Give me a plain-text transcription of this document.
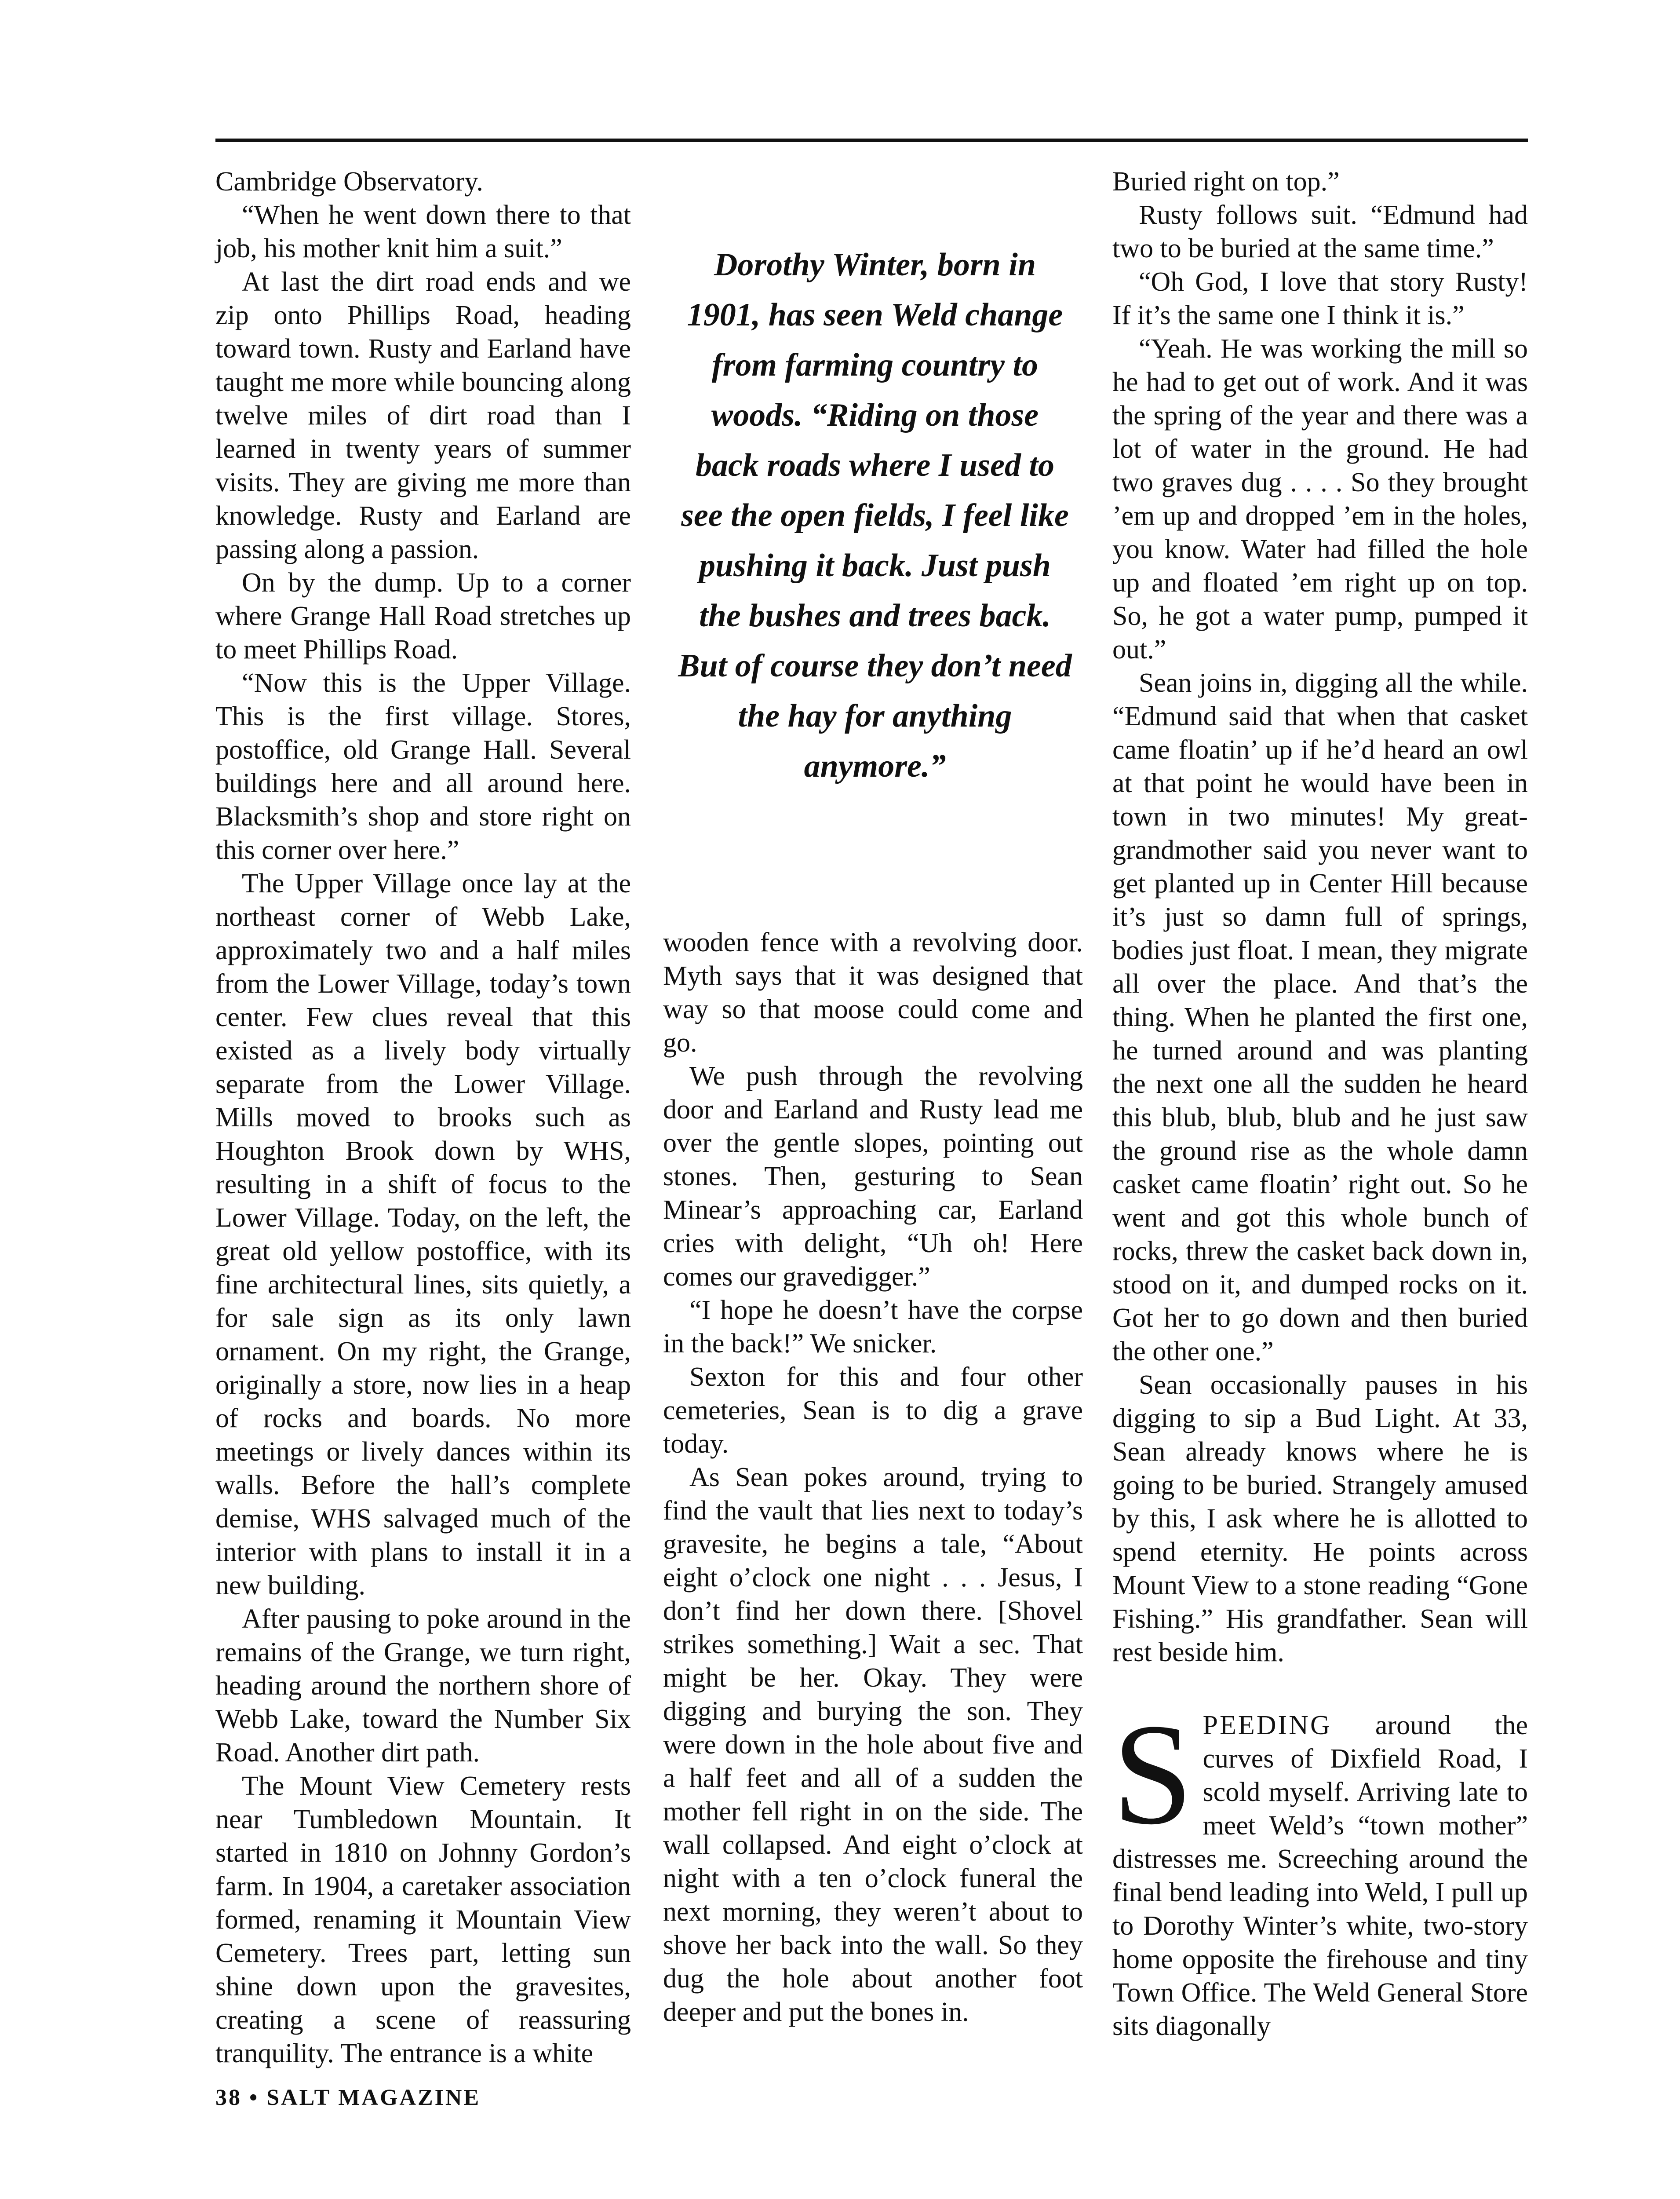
Cambridge Observatory.

“When he went down there to that job, his mother knit him a suit.”

At last the dirt road ends and we zip onto Phillips Road, heading toward town. Rusty and Earland have taught me more while bouncing along twelve miles of dirt road than I learned in twenty years of summer visits. They are giving me more than knowledge. Rusty and Earland are passing along a passion.

On by the dump. Up to a corner where Grange Hall Road stretches up to meet Phillips Road.

“Now this is the Upper Village. This is the first village. Stores, postoffice, old Grange Hall. Several buildings here and all around here. Blacksmith’s shop and store right on this corner over here.”

The Upper Village once lay at the northeast corner of Webb Lake, approximately two and a half miles from the Lower Village, today’s town center. Few clues reveal that this existed as a lively body virtually separate from the Lower Village. Mills moved to brooks such as Houghton Brook down by WHS, resulting in a shift of focus to the Lower Village. Today, on the left, the great old yellow postoffice, with its fine architectural lines, sits quietly, a for sale sign as its only lawn ornament. On my right, the Grange, originally a store, now lies in a heap of rocks and boards. No more meetings or lively dances within its walls. Before the hall’s complete demise, WHS salvaged much of the interior with plans to install it in a new building.

After pausing to poke around in the remains of the Grange, we turn right, heading around the northern shore of Webb Lake, toward the Number Six Road. Another dirt path.

The Mount View Cemetery rests near Tumbledown Mountain. It started in 1810 on Johnny Gordon’s farm. In 1904, a caretaker association formed, renaming it Mountain View Cemetery. Trees part, letting sun shine down upon the gravesites, creating a scene of reassuring tranquility. The entrance is a white

Dorothy Winter, born in 1901, has seen Weld change from farming country to woods. “Riding on those back roads where I used to see the open fields, I feel like pushing it back. Just push the bushes and trees back. But of course they don’t need the hay for anything anymore.”

wooden fence with a revolving door. Myth says that it was designed that way so that moose could come and go.

We push through the revolving door and Earland and Rusty lead me over the gentle slopes, pointing out stones. Then, gesturing to Sean Minear’s approaching car, Earland cries with delight, “Uh oh! Here comes our gravedigger.”

“I hope he doesn’t have the corpse in the back!” We snicker.

Sexton for this and four other cemeteries, Sean is to dig a grave today.

As Sean pokes around, trying to find the vault that lies next to today’s gravesite, he begins a tale, “About eight o’clock one night . . . Jesus, I don’t find her down there. [Shovel strikes something.] Wait a sec. That might be her. Okay. They were digging and burying the son. They were down in the hole about five and a half feet and all of a sudden the mother fell right in on the side. The wall collapsed. And eight o’clock at night with a ten o’clock funeral the next morning, they weren’t about to shove her back into the wall. So they dug the hole about another foot deeper and put the bones in.

Buried right on top.”

Rusty follows suit. “Edmund had two to be buried at the same time.”

“Oh God, I love that story Rusty! If it’s the same one I think it is.”

“Yeah. He was working the mill so he had to get out of work. And it was the spring of the year and there was a lot of water in the ground. He had two graves dug . . . . So they brought ’em up and dropped ’em in the holes, you know. Water had filled the hole up and floated ’em right up on top. So, he got a water pump, pumped it out.”

Sean joins in, digging all the while. “Edmund said that when that casket came floatin’ up if he’d heard an owl at that point he would have been in town in two minutes! My great-grandmother said you never want to get planted up in Center Hill because it’s just so damn full of springs, bodies just float. I mean, they migrate all over the place. And that’s the thing. When he planted the first one, he turned around and was planting the next one all the sudden he heard this blub, blub, blub and he just saw the ground rise as the whole damn casket came floatin’ right out. So he went and got this whole bunch of rocks, threw the casket back down in, stood on it, and dumped rocks on it. Got her to go down and then buried the other one.”

Sean occasionally pauses in his digging to sip a Bud Light. At 33, Sean already knows where he is going to be buried. Strangely amused by this, I ask where he is allotted to spend eternity. He points across Mount View to a stone reading “Gone Fishing.” His grandfather. Sean will rest beside him.

SPEEDING around the curves of Dixfield Road, I scold myself. Arriving late to meet Weld’s “town mother” distresses me. Screeching around the final bend leading into Weld, I pull up to Dorothy Winter’s white, two-story home opposite the firehouse and tiny Town Office. The Weld General Store sits diagonally

38 • SALT MAGAZINE
